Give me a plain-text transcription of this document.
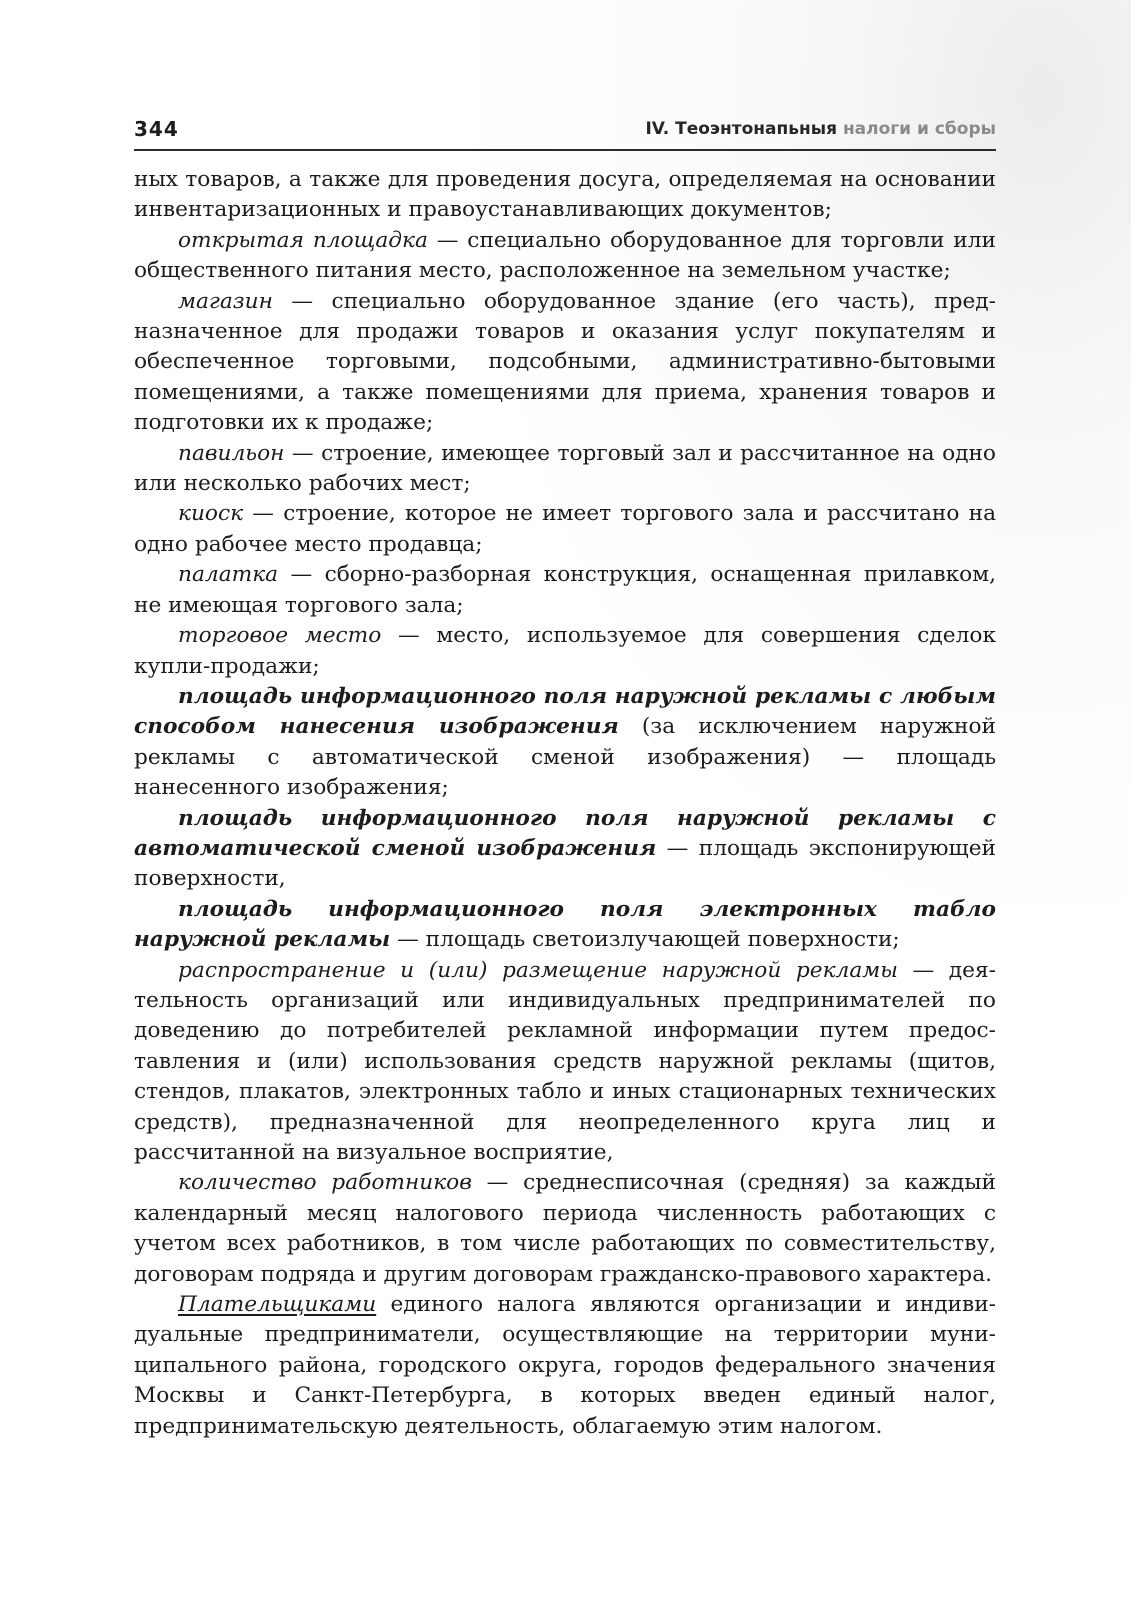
344	IV. Теоэнтонапьныя налоги и сборы

ных товаров, а также для проведения досуга, определяемая на основании инвентаризационных и правоустанавливающих документов;

открытая площадка — специально оборудованное для торговли или общественного питания место, расположенное на земельном участке;

магазин — специально оборудованное здание (его часть), предназначенное для продажи товаров и оказания услуг покупателям и обеспеченное торговыми, подсобными, административно-бытовыми помещениями, а также помещениями для приема, хранения товаров и подготовки их к продаже;

павильон — строение, имеющее торговый зал и рассчитанное на одно или несколько рабочих мест;

киоск — строение, которое не имеет торгового зала и рассчитано на одно рабочее место продавца;

палатка — сборно-разборная конструкция, оснащенная прилавком, не имеющая торгового зала;

торговое место — место, используемое для совершения сделок купли-продажи;

площадь информационного поля наружной рекламы с любым способом нанесения изображения (за исключением наружной рекламы с автоматической сменой изображения) — площадь нанесенного изображения;

площадь информационного поля наружной рекламы с автоматической сменой изображения — площадь экспонирующей поверхности,

площадь информационного поля электронных табло наружной рекламы — площадь светоизлучающей поверхности;

распространение и (или) размещение наружной рекламы — деятельность организаций или индивидуальных предпринимателей по доведению до потребителей рекламной информации путем предоставления и (или) использования средств наружной рекламы (щитов, стендов, плакатов, электронных табло и иных стационарных технических средств), предназначенной для неопределенного круга лиц и рассчитанной на визуальное восприятие,

количество работников — среднесписочная (средняя) за каждый календарный месяц налогового периода численность работающих с учетом всех работников, в том числе работающих по совместительству, договорам подряда и другим договорам гражданско-правового характера.

Плательщиками единого налога являются организации и индивидуальные предприниматели, осуществляющие на территории муниципального района, городского округа, городов федерального значения Москвы и Санкт-Петербурга, в которых введен единый налог, предпринимательскую деятельность, облагаемую этим налогом.
